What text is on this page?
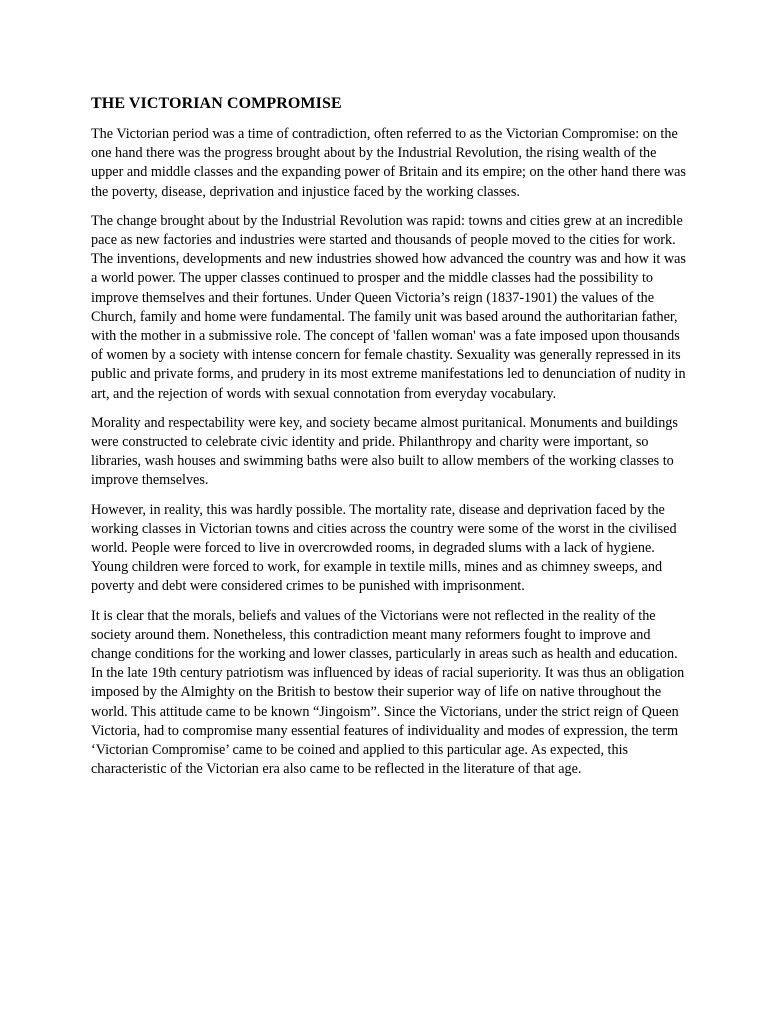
THE VICTORIAN COMPROMISE

The Victorian period was a time of contradiction, often referred to as the Victorian Compromise: on the one hand there was the progress brought about by the Industrial Revolution, the rising wealth of the upper and middle classes and the expanding power of Britain and its empire; on the other hand there was the poverty, disease, deprivation and injustice faced by the working classes.

The change brought about by the Industrial Revolution was rapid: towns and cities grew at an incredible pace as new factories and industries were started and thousands of people moved to the cities for work. The inventions, developments and new industries showed how advanced the country was and how it was a world power. The upper classes continued to prosper and the middle classes had the possibility to improve themselves and their fortunes. Under Queen Victoria’s reign (1837-1901) the values of the Church, family and home were fundamental. The family unit was based around the authoritarian father, with the mother in a submissive role. The concept of 'fallen woman' was a fate imposed upon thousands of women by a society with intense concern for female chastity. Sexuality was generally repressed in its public and private forms, and prudery in its most extreme manifestations led to denunciation of nudity in art, and the rejection of words with sexual connotation from everyday vocabulary.

Morality and respectability were key, and society became almost puritanical. Monuments and buildings were constructed to celebrate civic identity and pride. Philanthropy and charity were important, so libraries, wash houses and swimming baths were also built to allow members of the working classes to improve themselves.

However, in reality, this was hardly possible. The mortality rate, disease and deprivation faced by the working classes in Victorian towns and cities across the country were some of the worst in the civilised world. People were forced to live in overcrowded rooms, in degraded slums with a lack of hygiene. Young children were forced to work, for example in textile mills, mines and as chimney sweeps, and poverty and debt were considered crimes to be punished with imprisonment.

It is clear that the morals, beliefs and values of the Victorians were not reflected in the reality of the society around them. Nonetheless, this contradiction meant many reformers fought to improve and change conditions for the working and lower classes, particularly in areas such as health and education. In the late 19th century patriotism was influenced by ideas of racial superiority. It was thus an obligation imposed by the Almighty on the British to bestow their superior way of life on native throughout the world. This attitude came to be known “Jingoism”. Since the Victorians, under the strict reign of Queen Victoria, had to compromise many essential features of individuality and modes of expression, the term ‘Victorian Compromise’ came to be coined and applied to this particular age. As expected, this characteristic of the Victorian era also came to be reflected in the literature of that age.
